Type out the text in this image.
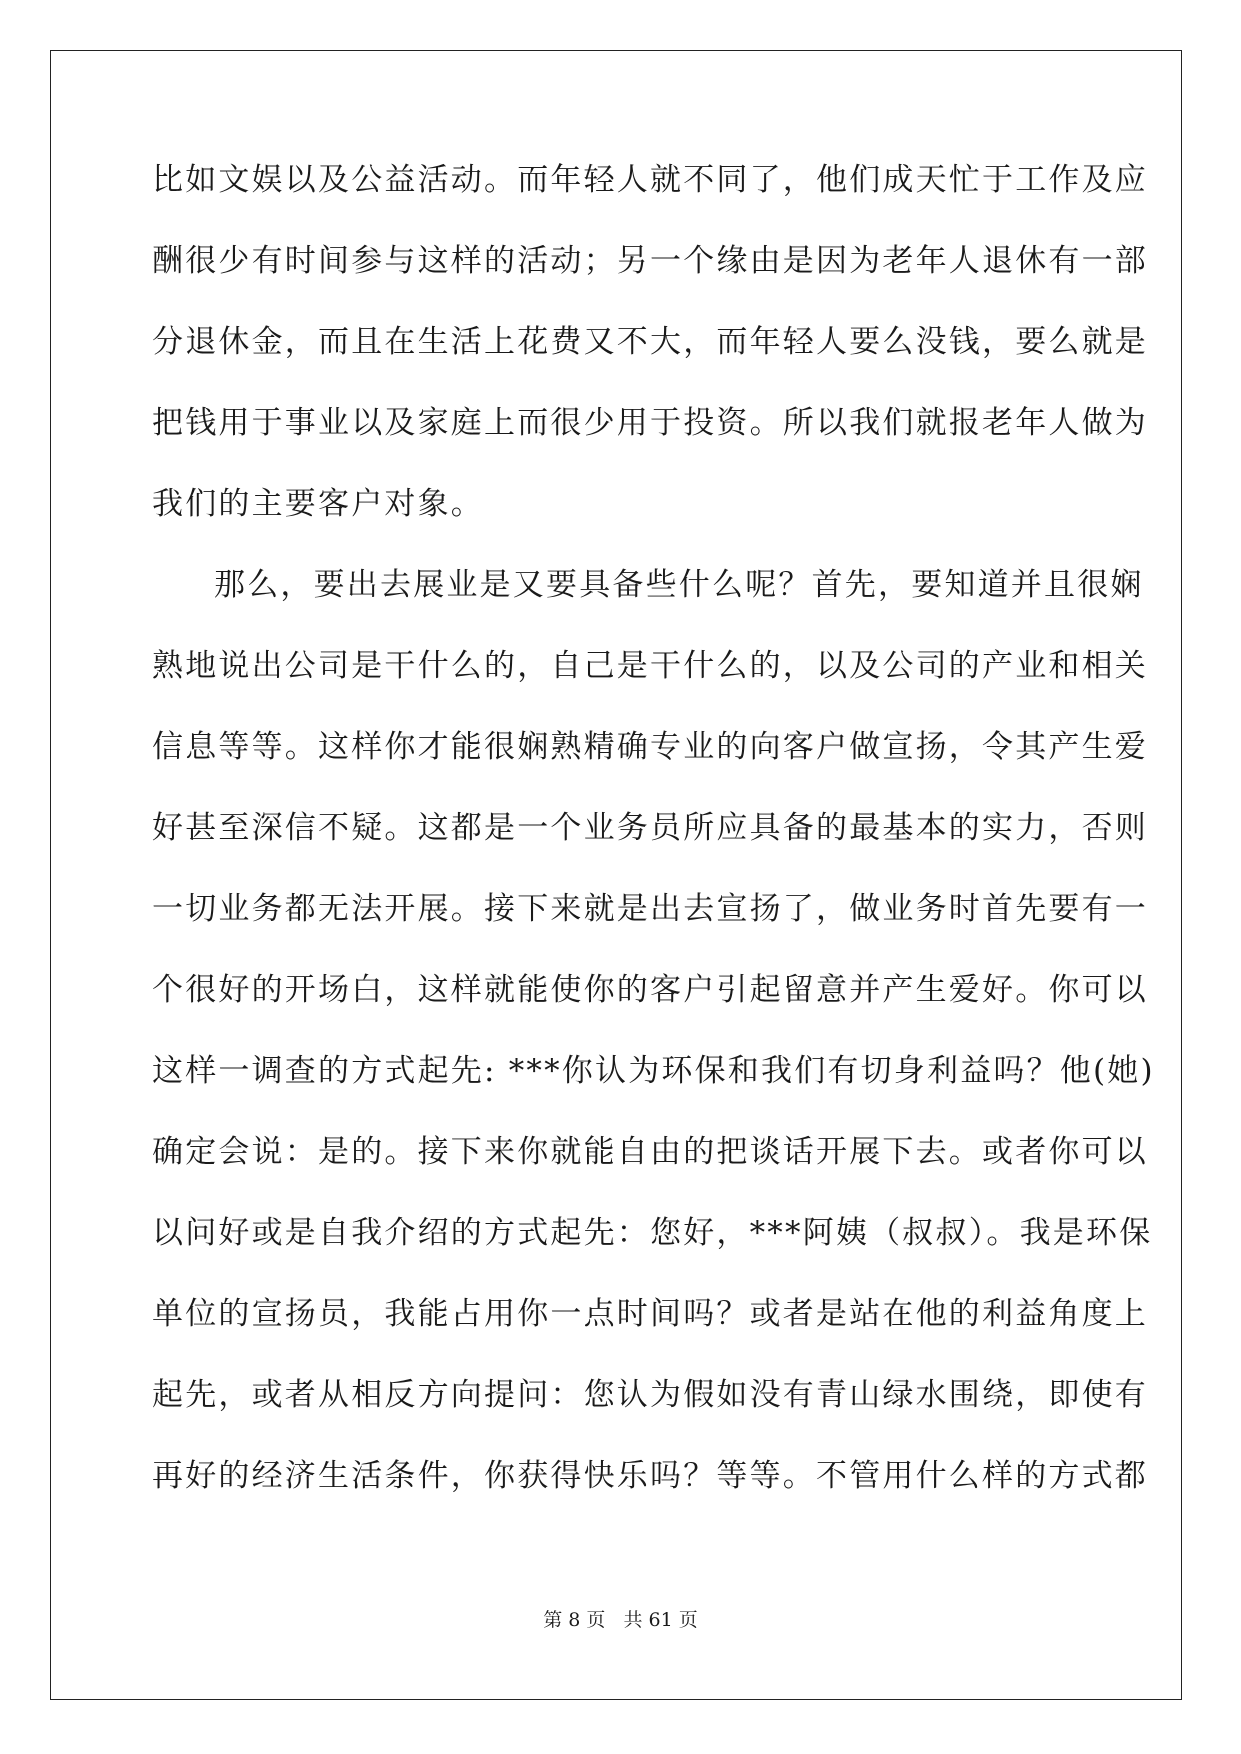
比如文娱以及公益活动。而年轻人就不同了，他们成天忙于工作及应
酬很少有时间参与这样的活动；另一个缘由是因为老年人退休有一部
分退休金，而且在生活上花费又不大，而年轻人要么没钱，要么就是
把钱用于事业以及家庭上而很少用于投资。所以我们就报老年人做为
我们的主要客户对象。
那么，要出去展业是又要具备些什么呢？首先，要知道并且很娴
熟地说出公司是干什么的，自己是干什么的，以及公司的产业和相关
信息等等。这样你才能很娴熟精确专业的向客户做宣扬，令其产生爱
好甚至深信不疑。这都是一个业务员所应具备的最基本的实力，否则
一切业务都无法开展。接下来就是出去宣扬了，做业务时首先要有一
个很好的开场白，这样就能使你的客户引起留意并产生爱好。你可以
这样一调查的方式起先: ***你认为环保和我们有切身利益吗？他(她)
确定会说：是的。接下来你就能自由的把谈话开展下去。或者你可以
以问好或是自我介绍的方式起先：您好，***阿姨（叔叔）。我是环保
单位的宣扬员，我能占用你一点时间吗？或者是站在他的利益角度上
起先，或者从相反方向提问：您认为假如没有青山绿水围绕，即使有
再好的经济生活条件，你获得快乐吗？等等。不管用什么样的方式都
第 8 页   共 61 页
